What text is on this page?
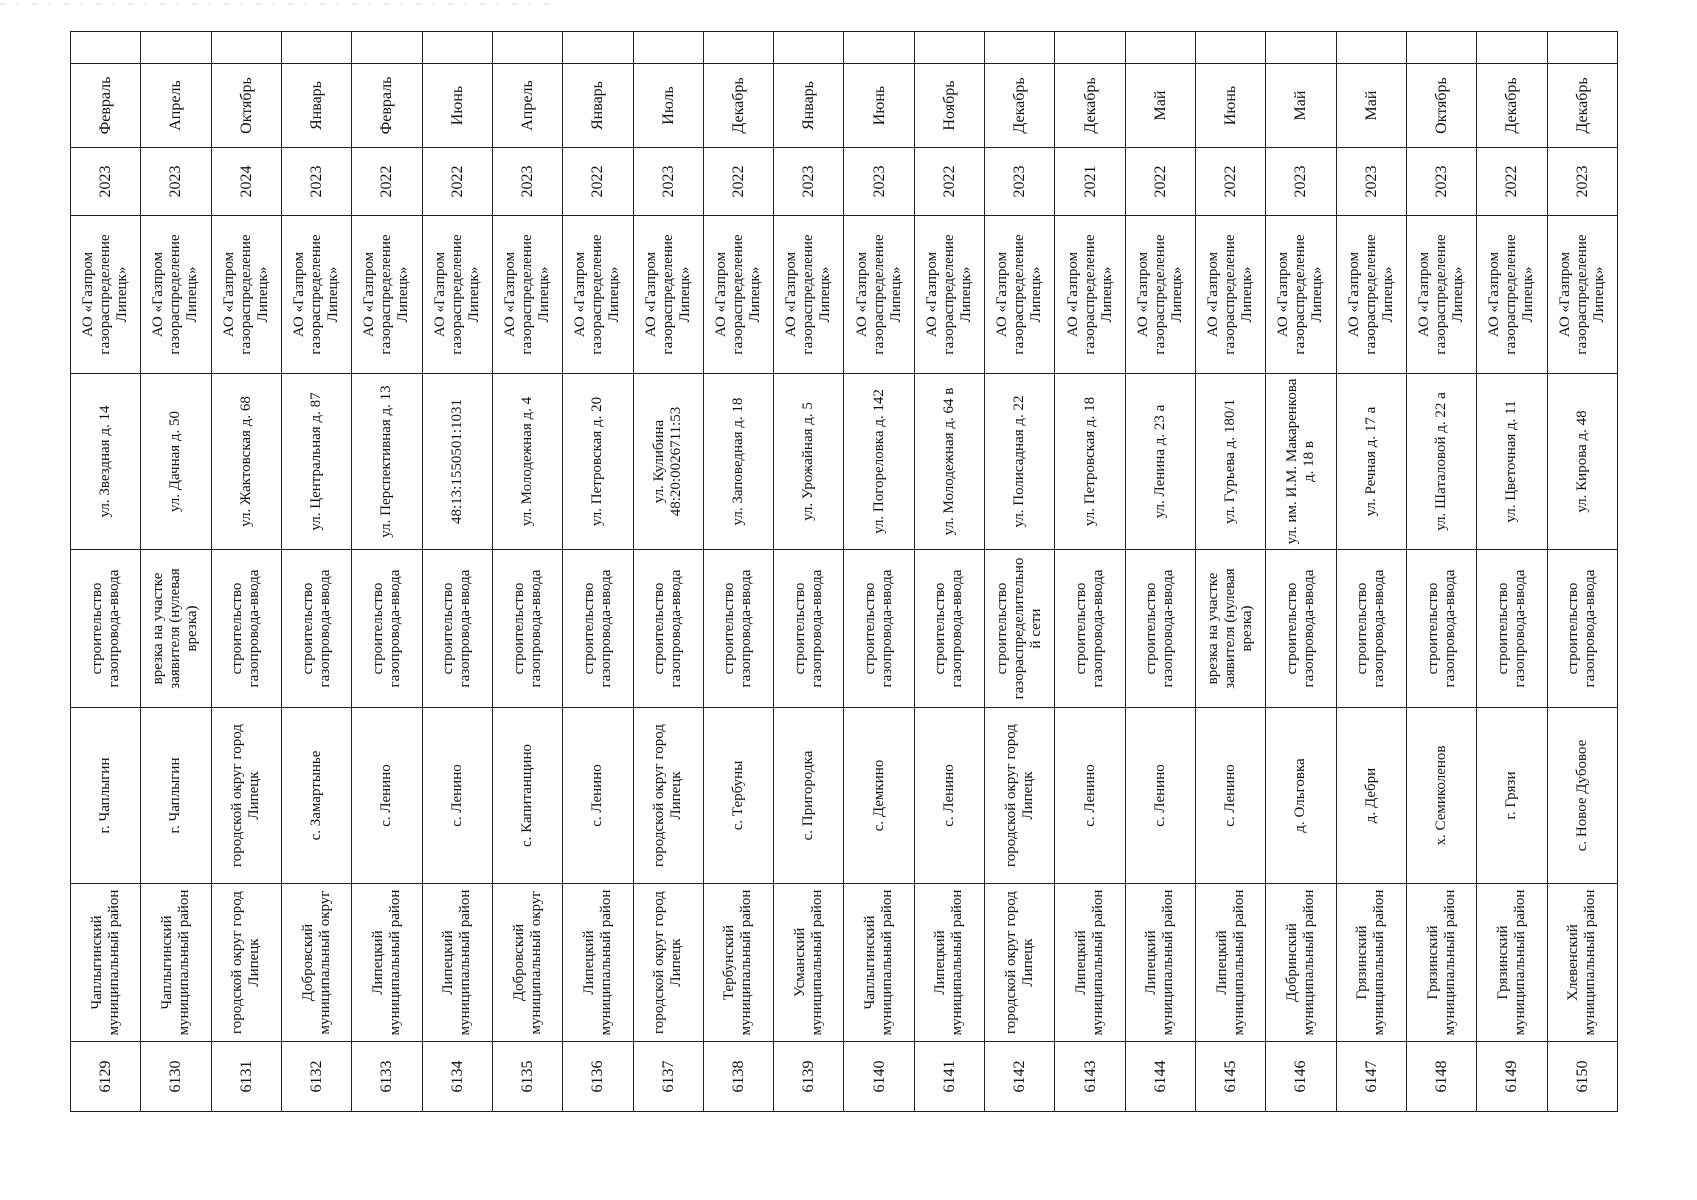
6129	Чаплыгинский муниципальный район	г. Чаплыгин	строительство газопровода-ввода	ул. Звездная д. 14	АО «Газпром газораспределение Липецк»	2023	Февраль	
6130	Чаплыгинский муниципальный район	г. Чаплыгин	врезка на участке заявителя (нулевая врезка)	ул. Дачная д. 50	АО «Газпром газораспределение Липецк»	2023	Апрель	
6131	городской округ город Липецк	городской округ город Липецк	строительство газопровода-ввода	ул. Жактовская д. 68	АО «Газпром газораспределение Липецк»	2024	Октябрь	
6132	Добровский муниципальный округ	с. Замартынье	строительство газопровода-ввода	ул. Центральная д. 87	АО «Газпром газораспределение Липецк»	2023	Январь	
6133	Липецкий муниципальный район	с. Ленино	строительство газопровода-ввода	ул. Перспективная д. 13	АО «Газпром газораспределение Липецк»	2022	Февраль	
6134	Липецкий муниципальный район	с. Ленино	строительство газопровода-ввода	48:13:1550501:1031	АО «Газпром газораспределение Липецк»	2022	Июнь	
6135	Добровский муниципальный округ	с. Капитанщино	строительство газопровода-ввода	ул. Молодежная д. 4	АО «Газпром газораспределение Липецк»	2023	Апрель	
6136	Липецкий муниципальный район	с. Ленино	строительство газопровода-ввода	ул. Петровская д. 20	АО «Газпром газораспределение Липецк»	2022	Январь	
6137	городской округ город Липецк	городской округ город Липецк	строительство газопровода-ввода	ул. Кулибина 48:20:0026711:53	АО «Газпром газораспределение Липецк»	2023	Июль	
6138	Тербунский муниципальный район	с. Тербуны	строительство газопровода-ввода	ул. Заповедная д. 18	АО «Газпром газораспределение Липецк»	2022	Декабрь	
6139	Усманский муниципальный район	с. Пригородка	строительство газопровода-ввода	ул. Урожайная д. 5	АО «Газпром газораспределение Липецк»	2023	Январь	
6140	Чаплыгинский муниципальный район	с. Демкино	строительство газопровода-ввода	ул. Погореловка д. 142	АО «Газпром газораспределение Липецк»	2023	Июнь	
6141	Липецкий муниципальный район	с. Ленино	строительство газопровода-ввода	ул. Молодежная д. 64 в	АО «Газпром газораспределение Липецк»	2022	Ноябрь	
6142	городской округ город Липецк	городской округ город Липецк	строительство газораспределительной сети	ул. Полисадная д. 22	АО «Газпром газораспределение Липецк»	2023	Декабрь	
6143	Липецкий муниципальный район	с. Ленино	строительство газопровода-ввода	ул. Петровская д. 18	АО «Газпром газораспределение Липецк»	2021	Декабрь	
6144	Липецкий муниципальный район	с. Ленино	строительство газопровода-ввода	ул. Ленина д. 23 а	АО «Газпром газораспределение Липецк»	2022	Май	
6145	Липецкий муниципальный район	с. Ленино	врезка на участке заявителя (нулевая врезка)	ул. Гурьева д. 180/1	АО «Газпром газораспределение Липецк»	2022	Июнь	
6146	Добринский муниципальный район	д. Ольговка	строительство газопровода-ввода	ул. им. И.М. Макаренкова д. 18 в	АО «Газпром газораспределение Липецк»	2023	Май	
6147	Грязинский муниципальный район	д. Дебри	строительство газопровода-ввода	ул. Речная д. 17 а	АО «Газпром газораспределение Липецк»	2023	Май	
6148	Грязинский муниципальный район	х. Семиколенов	строительство газопровода-ввода	ул. Шаталовой д. 22 а	АО «Газпром газораспределение Липецк»	2023	Октябрь	
6149	Грязинский муниципальный район	г. Грязи	строительство газопровода-ввода	ул. Цветочная д. 11	АО «Газпром газораспределение Липецк»	2022	Декабрь	
6150	Хлевенский муниципальный район	с. Новое Дубовое	строительство газопровода-ввода	ул. Кирова д. 48	АО «Газпром газораспределение Липецк»	2023	Декабрь	
